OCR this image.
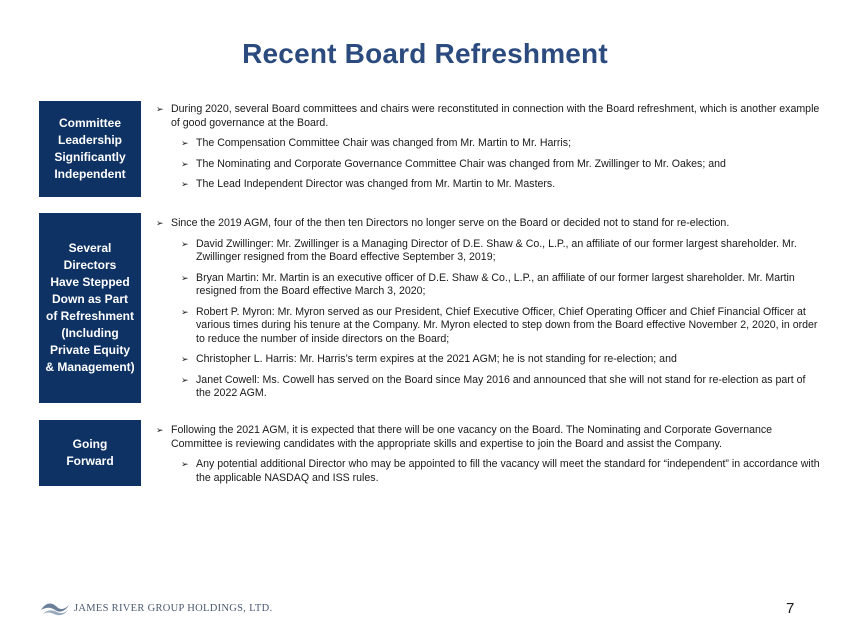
Recent Board Refreshment
Committee
Leadership
Significantly
Independent
➢ During 2020, several Board committees and chairs were reconstituted in connection with the Board refreshment, which is another example of good governance at the Board.
➢ The Compensation Committee Chair was changed from Mr. Martin to Mr. Harris;
➢ The Nominating and Corporate Governance Committee Chair was changed from Mr. Zwillinger to Mr. Oakes; and
➢ The Lead Independent Director was changed from Mr. Martin to Mr. Masters.
Several Directors
Have Stepped
Down as Part
of Refreshment
(Including
Private Equity
& Management)
➢ Since the 2019 AGM, four of the then ten Directors no longer serve on the Board or decided not to stand for re-election.
➢ David Zwillinger: Mr. Zwillinger is a Managing Director of D.E. Shaw & Co., L.P., an affiliate of our former largest shareholder. Mr. Zwillinger resigned from the Board effective September 3, 2019;
➢ Bryan Martin: Mr. Martin is an executive officer of D.E. Shaw & Co., L.P., an affiliate of our former largest shareholder. Mr. Martin resigned from the Board effective March 3, 2020;
➢ Robert P. Myron: Mr. Myron served as our President, Chief Executive Officer, Chief Operating Officer and Chief Financial Officer at various times during his tenure at the Company. Mr. Myron elected to step down from the Board effective November 2, 2020, in order to reduce the number of inside directors on the Board;
➢ Christopher L. Harris: Mr. Harris’s term expires at the 2021 AGM; he is not standing for re-election; and
➢ Janet Cowell: Ms. Cowell has served on the Board since May 2016 and announced that she will not stand for re-election as part of the 2022 AGM.
Going
Forward
➢ Following the 2021 AGM, it is expected that there will be one vacancy on the Board. The Nominating and Corporate Governance Committee is reviewing candidates with the appropriate skills and expertise to join the Board and assist the Company.
➢ Any potential additional Director who may be appointed to fill the vacancy will meet the standard for “independent” in accordance with the applicable NASDAQ and ISS rules.
JAMES RIVER GROUP HOLDINGS, LTD.	7
